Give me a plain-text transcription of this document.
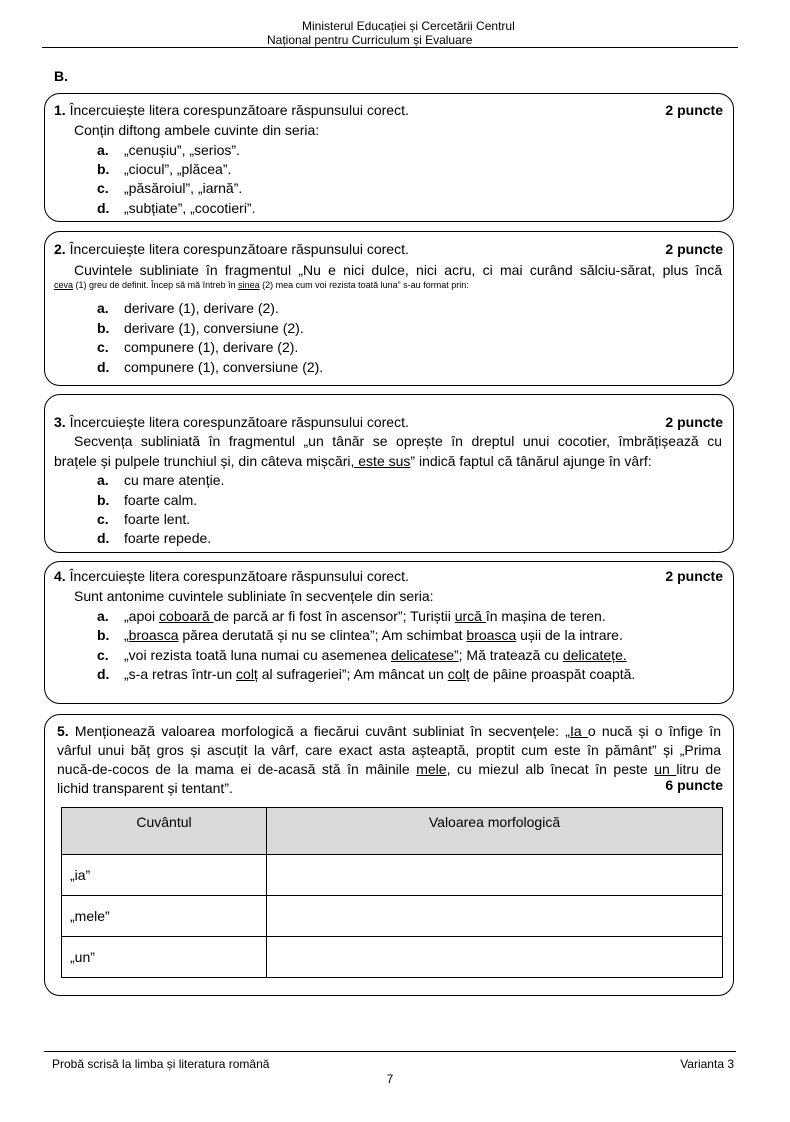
Ministerul Educației și Cercetării Centrul
Național pentru Curriculum și Evaluare
B.
1. Încercuiește litera corespunzătoare răspunsului corect.	2 puncte
Conțin diftong ambele cuvinte din seria:
a. „cenușiu”, „serios”.
b. „ciocul”, „plăcea”.
c. „păsăroiul”, „iarnă”.
d. „subțiate”, „cocotieri”.
2. Încercuiește litera corespunzătoare răspunsului corect.	2 puncte
Cuvintele subliniate în fragmentul „Nu e nici dulce, nici acru, ci mai curând sălciu-sărat, plus încă
ceva (1) greu de definit. Încep să mă întreb în sinea (2) mea cum voi rezista toată luna” s-au format prin:
a. derivare (1), derivare (2).
b. derivare (1), conversiune (2).
c. compunere (1), derivare (2).
d. compunere (1), conversiune (2).
3. Încercuiește litera corespunzătoare răspunsului corect.	2 puncte
Secvența subliniată în fragmentul „un tânăr se oprește în dreptul unui cocotier, îmbrățișează cu
brațele și pulpele trunchiul și, din câteva mișcări, este sus” indică faptul că tânărul ajunge în vârf:
a. cu mare atenție.
b. foarte calm.
c. foarte lent.
d. foarte repede.
4. Încercuiește litera corespunzătoare răspunsului corect.	2 puncte
Sunt antonime cuvintele subliniate în secvențele din seria:
a. „apoi coboară de parcă ar fi fost în ascensor”; Turiștii urcă în mașina de teren.
b. „broasca părea derutată și nu se clintea”; Am schimbat broasca ușii de la intrare.
c. „voi rezista toată luna numai cu asemenea delicatese”; Mă tratează cu delicatețe.
d. „s-a retras într-un colț al sufrageriei”; Am mâncat un colț de pâine proaspăt coaptă.
5. Menționează valoarea morfologică a fiecărui cuvânt subliniat în secvențele: „Ia o nucă și o înfige în
vârful unui băț gros și ascuțit la vârf, care exact asta așteaptă, proptit cum este în pământ” și „Prima
nucă-de-cocos de la mama ei de-acasă stă în mâinile mele, cu miezul alb înecat în peste un litru de
lichid transparent și tentant”.	6 puncte
Cuvântul	Valoarea morfologică
„ia”	
„mele”	
„un”	
Probă scrisă la limba și literatura română	Varianta 3
7
